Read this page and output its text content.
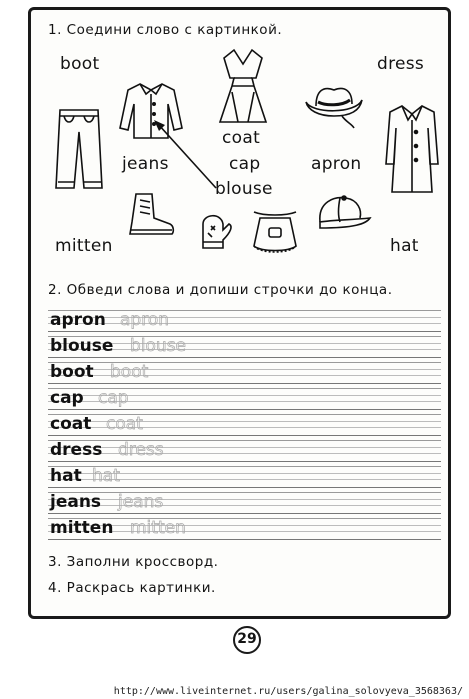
1. Соедини слово с картинкой.
boot	dress
coat
jeans	cap	apron
blouse
mitten	hat
2. Обведи слова и допиши строчки до конца.
apron apron
blouse blouse
boot boot
cap cap
coat coat
dress dress
hat hat
jeans jeans
mitten mitten
3. Заполни кроссворд.
4. Раскрась картинки.
29
http://www.liveinternet.ru/users/galina_solovyeva_3568363/
